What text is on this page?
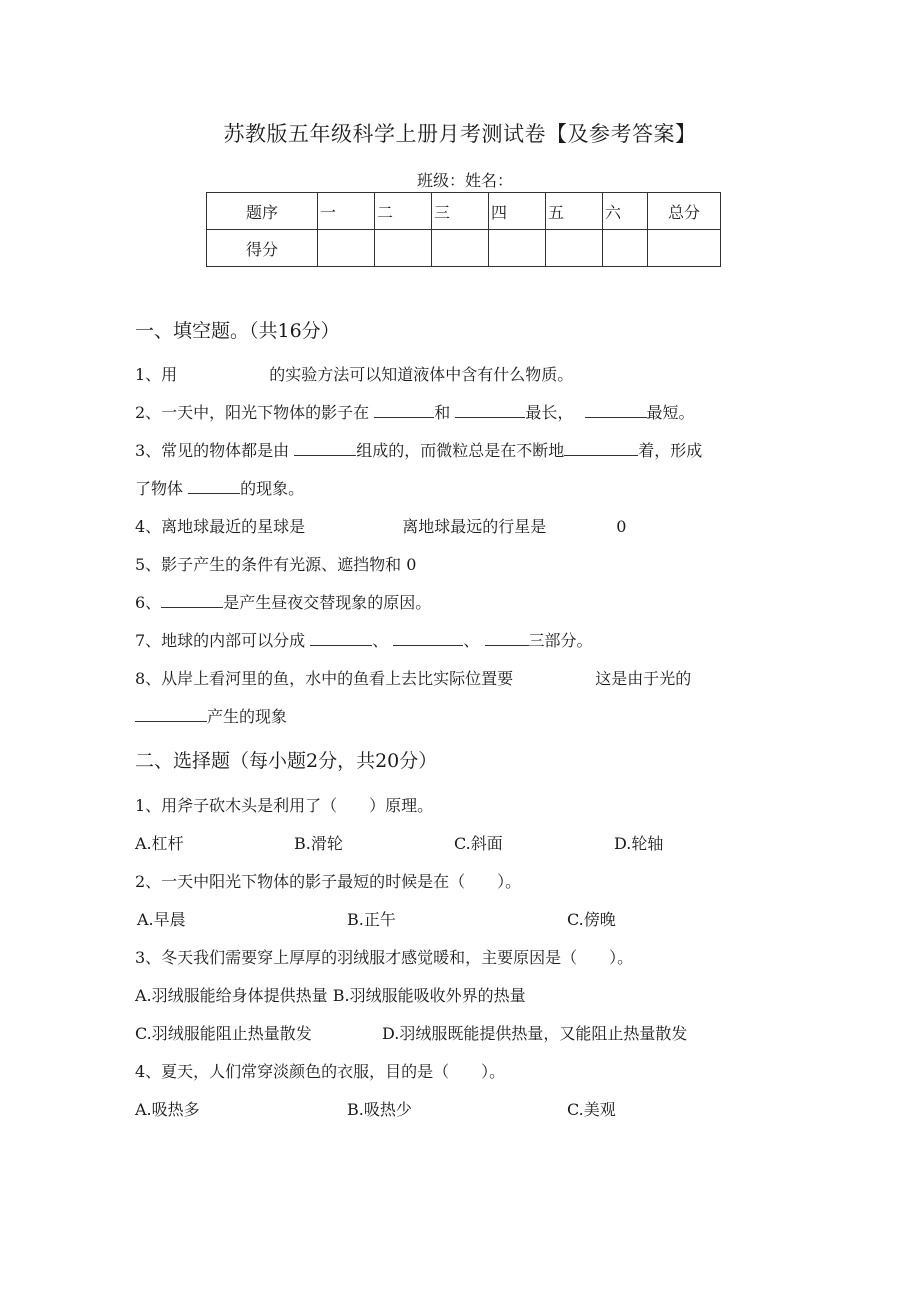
苏教版五年级科学上册月考测试卷【及参考答案】
班级：姓名：
题序	一	二	三	四	五	六	总分
得分							
一、填空题。（共16分）
1、用	的实验方法可以知道液体中含有什么物质。
2、一天中，阳光下物体的影子在	和	最长，	最短。
3、常见的物体都是由	组成的，而微粒总是在不断地	着，形成
了物体	的现象。
4、离地球最近的星球是	离地球最远的行星是	0
5、影子产生的条件有光源、遮挡物和 0
6、	是产生昼夜交替现象的原因。
7、地球的内部可以分成	、	、	三部分。
8、从岸上看河里的鱼，水中的鱼看上去比实际位置要	这是由于光的
产生的现象
二、选择题（每小题2分，共20分）
1、用斧子砍木头是利用了（　　）原理。
A.杠杆	B.滑轮	C.斜面	D.轮轴
2、一天中阳光下物体的影子最短的时候是在（　　）。
A.早晨	B.正午	C.傍晚
3、冬天我们需要穿上厚厚的羽绒服才感觉暖和，主要原因是（　　）。
A.羽绒服能给身体提供热量 B.羽绒服能吸收外界的热量
C.羽绒服能阻止热量散发	D.羽绒服既能提供热量，又能阻止热量散发
4、夏天，人们常穿淡颜色的衣服，目的是（　　）。
A.吸热多	B.吸热少	C.美观
